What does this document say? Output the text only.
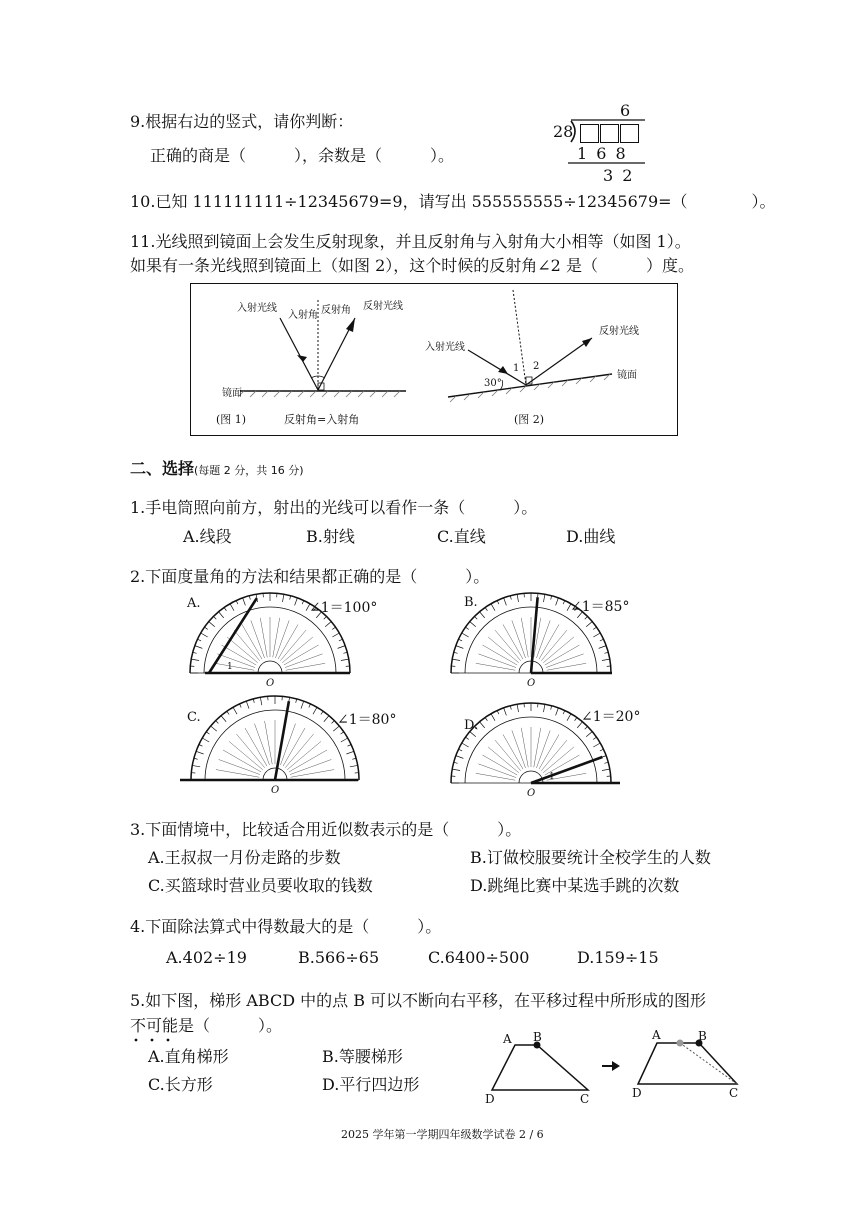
9.根据右边的竖式，请你判断：
正确的商是（　　　），余数是（　　　）。
6
28
1 6 8
3 2
10.已知 111111111÷12345679=9，请写出 555555555÷12345679=（　　　　）。
11.光线照到镜面上会发生反射现象，并且反射角与入射角大小相等（如图 1）。
如果有一条光线照到镜面上（如图 2），这个时候的反射角∠2 是（　　　）度。
入射光线
入射角 反射角 反射光线
镜面
(图 1)	反射角=入射角
入射光线
反射光线
镜面
30°
1 2
(图 2)
二、选择(每题 2 分，共 16 分)
1.手电筒照向前方，射出的光线可以看作一条（　　　）。
A.线段	B.射线	C.直线	D.曲线
2.下面度量角的方法和结果都正确的是（　　　）。
O
1
A.	∠1＝100°
O
B.	∠1＝85°
O
C.	∠1＝80°
O
1
D.
∠1＝20°
3.下面情境中，比较适合用近似数表示的是（　　　）。
A.王叔叔一月份走路的步数	B.订做校服要统计全校学生的人数
C.买篮球时营业员要收取的钱数	D.跳绳比赛中某选手跳的次数
4.下面除法算式中得数最大的是（　　　）。
A.402÷19	B.566÷65	C.6400÷500	D.159÷15
5.如下图，梯形 ABCD 中的点 B 可以不断向右平移，在平移过程中所形成的图形
不可能是（　　　）。
A.直角梯形	B.等腰梯形
C.长方形	D.平行四边形
A B
C
D
A	B
C
D
2025 学年第一学期四年级数学试卷 2 / 6
